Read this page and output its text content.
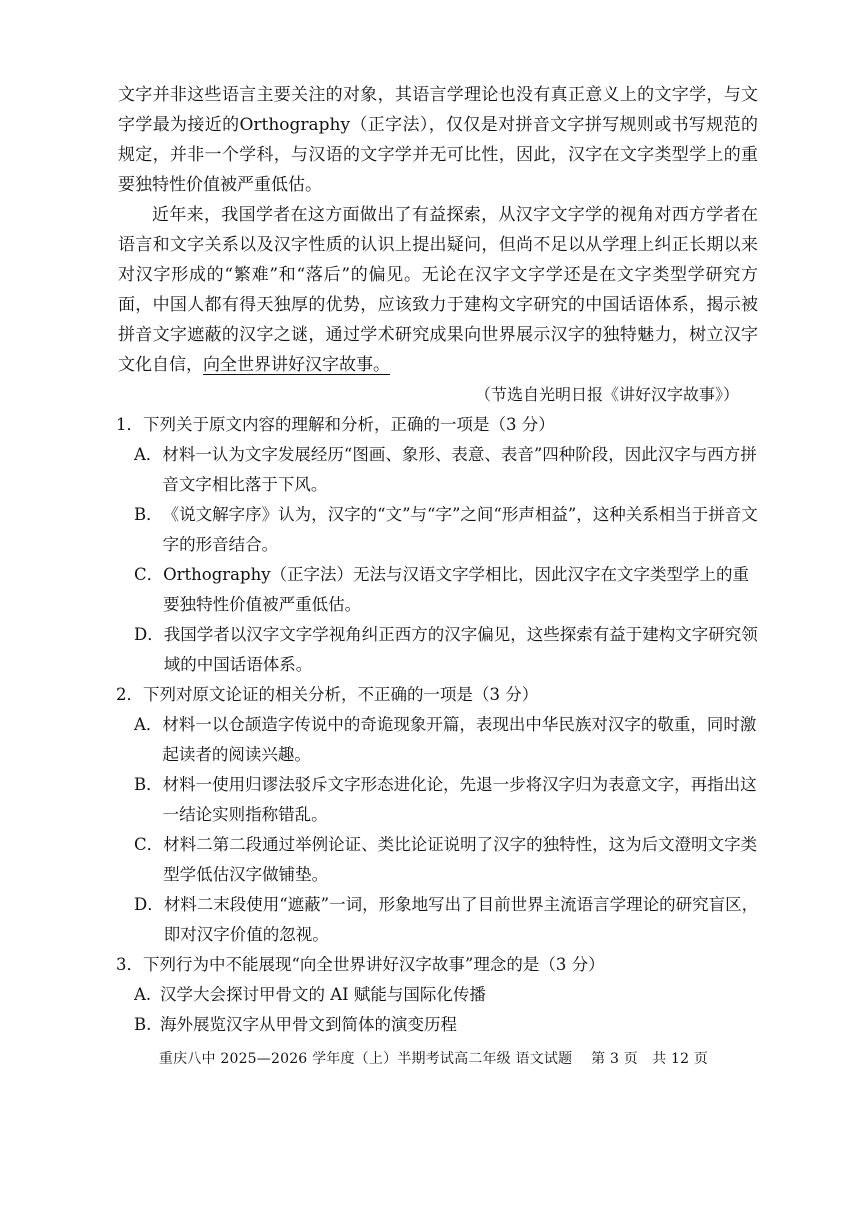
文字并非这些语言主要关注的对象，其语言学理论也没有真正意义上的文字学，与文字学最为接近的Orthography（正字法），仅仅是对拼音文字拼写规则或书写规范的规定，并非一个学科，与汉语的文字学并无可比性，因此，汉字在文字类型学上的重要独特性价值被严重低估。

近年来，我国学者在这方面做出了有益探索，从汉字文字学的视角对西方学者在语言和文字关系以及汉字性质的认识上提出疑问，但尚不足以从学理上纠正长期以来对汉字形成的“繁难”和“落后”的偏见。无论在汉字文字学还是在文字类型学研究方面，中国人都有得天独厚的优势，应该致力于建构文字研究的中国话语体系，揭示被拼音文字遮蔽的汉字之谜，通过学术研究成果向世界展示汉字的独特魅力，树立汉字文化自信，向全世界讲好汉字故事。

（节选自光明日报《讲好汉字故事》）
1．下列关于原文内容的理解和分析，正确的一项是（3 分）
A． 材料一认为文字发展经历“图画、象形、表意、表音”四种阶段，因此汉字与西方拼音文字相比落于下风。
B． 《说文解字序》认为，汉字的“文”与“字”之间“形声相益”，这种关系相当于拼音文字的形音结合。
C． Orthography（正字法）无法与汉语文字学相比，因此汉字在文字类型学上的重要独特性价值被严重低估。
D． 我国学者以汉字文字学视角纠正西方的汉字偏见，这些探索有益于建构文字研究领域的中国话语体系。
2．下列对原文论证的相关分析，不正确的一项是（3 分）
A． 材料一以仓颉造字传说中的奇诡现象开篇，表现出中华民族对汉字的敬重，同时激起读者的阅读兴趣。
B． 材料一使用归谬法驳斥文字形态进化论，先退一步将汉字归为表意文字，再指出这一结论实则指称错乱。
C． 材料二第二段通过举例论证、类比论证说明了汉字的独特性，这为后文澄明文字类型学低估汉字做铺垫。
D． 材料二末段使用“遮蔽”一词，形象地写出了目前世界主流语言学理论的研究盲区，即对汉字价值的忽视。
3．下列行为中不能展现“向全世界讲好汉字故事”理念的是（3 分）
A. 汉学大会探讨甲骨文的 AI 赋能与国际化传播
B. 海外展览汉字从甲骨文到简体的演变历程
重庆八中 2025—2026 学年度（上）半期考试高二年级 语文试题　 第 3 页　共 12 页
